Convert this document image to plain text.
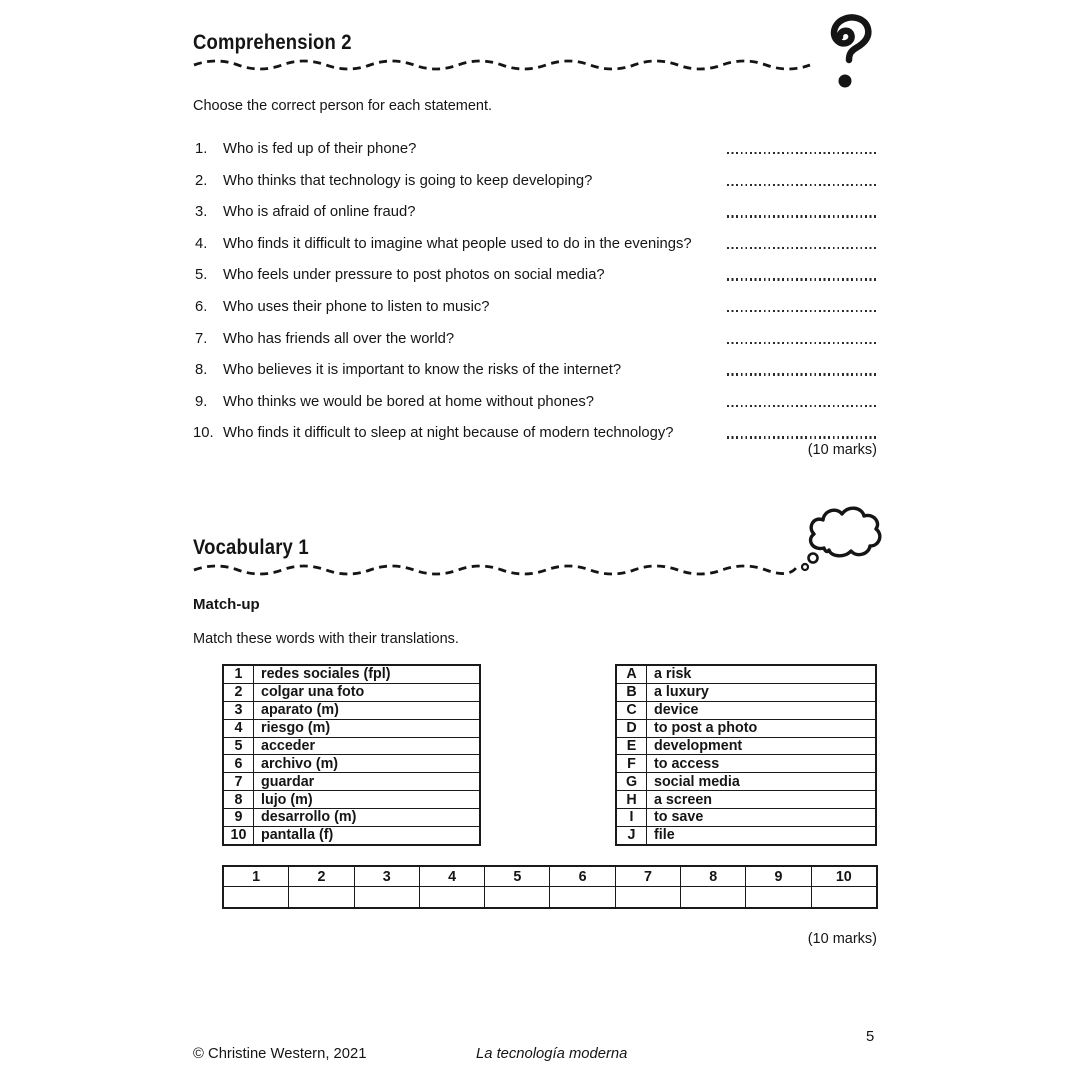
Comprehension 2
Choose the correct person for each statement.
1.	Who is fed up of their phone?
2.	Who thinks that technology is going to keep developing?
3.	Who is afraid of online fraud?
4.	Who finds it difficult to imagine what people used to do in the evenings?
5.	Who feels under pressure to post photos on social media?
6.	Who uses their phone to listen to music?
7.	Who has friends all over the world?
8.	Who believes it is important to know the risks of the internet?
9.	Who thinks we would be bored at home without phones?
10. Who finds it difficult to sleep at night because of modern technology?
(10 marks)
Vocabulary 1
Match-up
Match these words with their translations.
1	redes sociales (fpl)
2	colgar una foto
3	aparato (m)
4	riesgo (m)
5	acceder
6	archivo (m)
7	guardar
8	lujo (m)
9	desarrollo (m)
10	pantalla (f)
A	a risk
B	a luxury
C	device
D	to post a photo
E	development
F	to access
G	social media
H	a screen
I	to save
J	file
1	2	3	4	5	6	7	8	9	10

(10 marks)
© Christine Western, 2021	La tecnología moderna
5
